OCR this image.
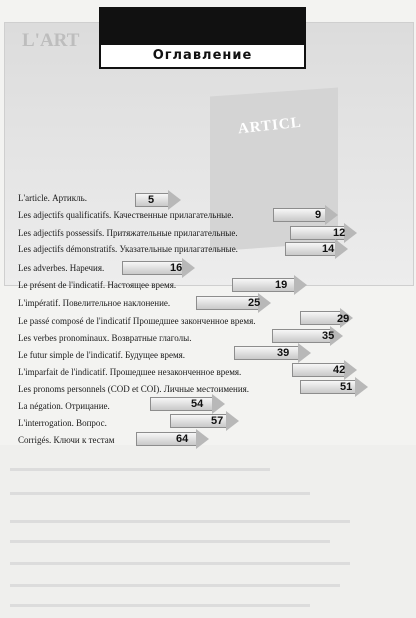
L'ART
ARTICL
Оглавление
L'article. Артикль.	5
Les adjectifs qualificatifs. Качественные прилагательные.	9
Les adjectifs possessifs. Притяжательные прилагательные.	12
Les adjectifs démonstratifs. Указательные прилагательные.	14
Les adverbes. Наречия.	16
Le présent de l'indicatif. Настоящее время.	19
L'impératif. Повелительное наклонение.	25
Le passé composé de l'indicatif Прошедшее законченное время.	29
Les verbes pronominaux. Возвратные глаголы.	35
Le futur simple de l'indicatif. Будущее время.	39
L'imparfait de l'indicatif. Прошедшее незаконченное время.	42
Les pronoms personnels (COD et COI). Личные местоимения.	51
La négation. Отрицание.	54
L'interrogation. Вопрос.	57
Corrigés. Ключи к тестам	64
